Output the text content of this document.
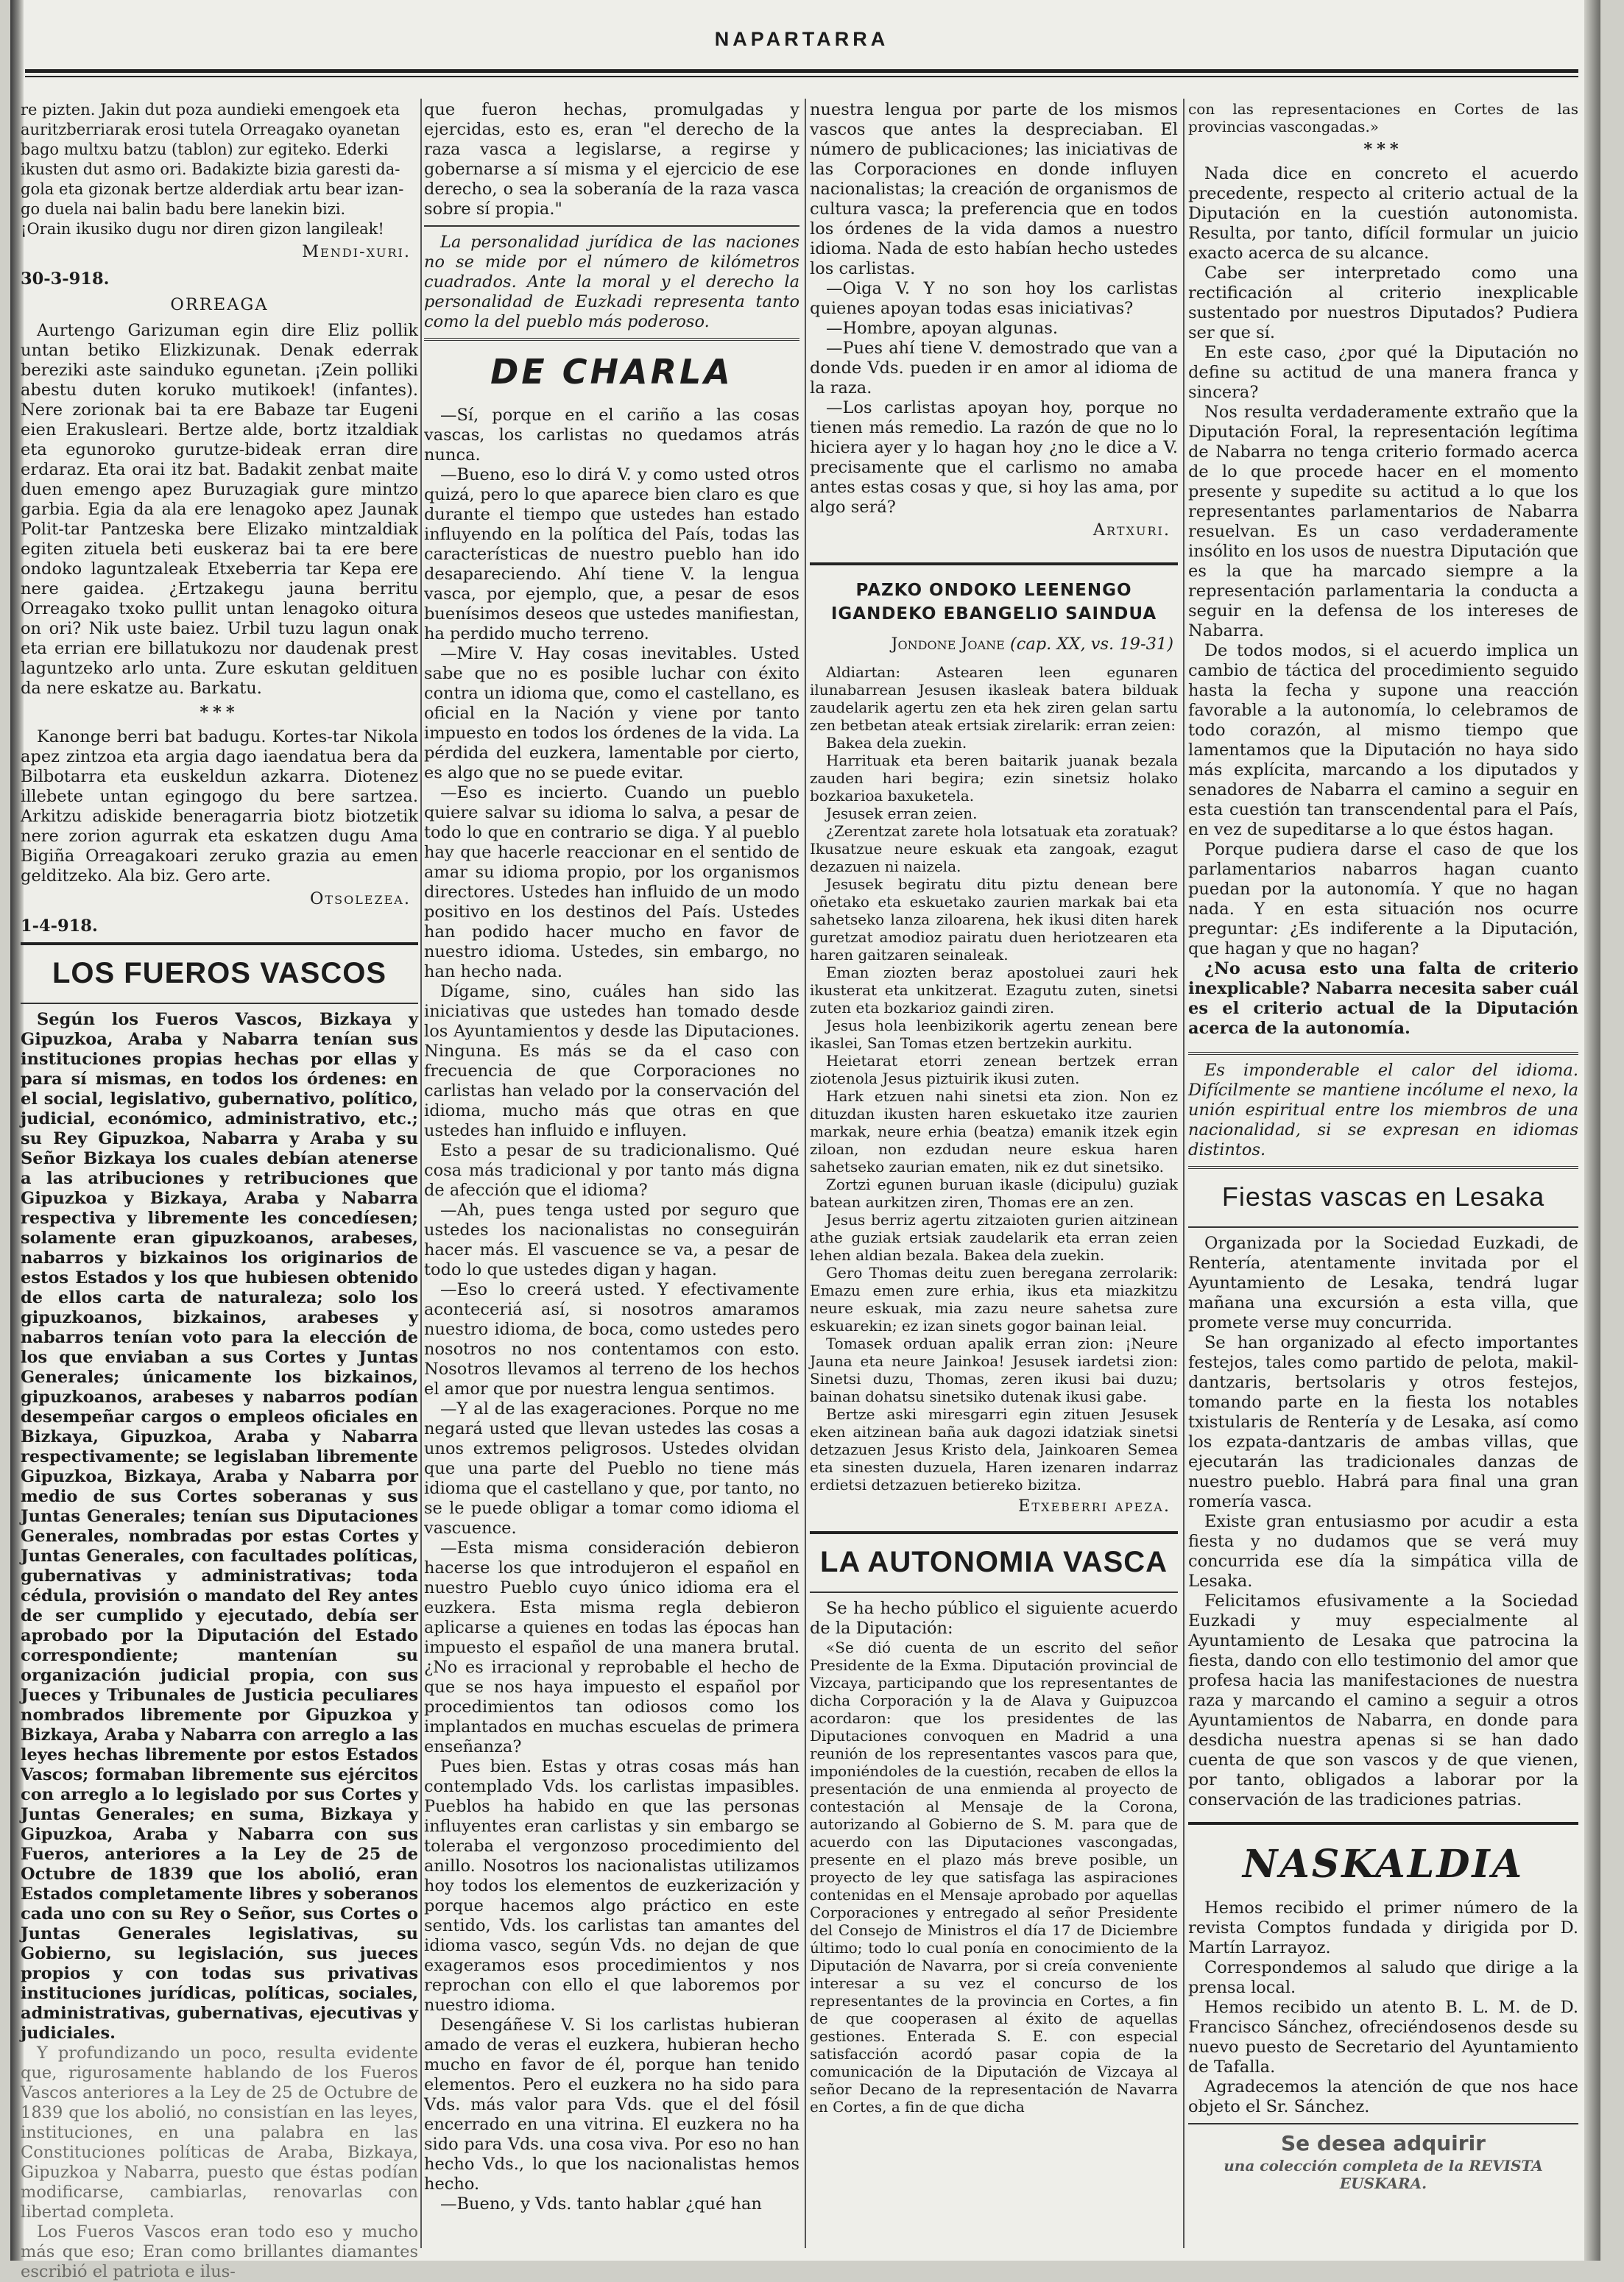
NAPARTARRA
re pizten. Jakin dut poza aundieki emengoek eta
auritzberriarak erosi tutela Orreagako oyanetan
bago multxu batzu (tablon) zur egiteko. Ederki
ikusten dut asmo ori. Badakizte bizia garesti da-
gola eta gizonak bertze alderdiak artu bear izan-
go duela nai balin badu bere lanekin bizi.
¡Orain ikusiko dugu nor diren gizon langileak!
Mendi-xuri.
30-3-918.
ORREAGA

Aurtengo Garizuman egin dire Eliz pollik untan betiko Elizkizunak. Denak ederrak bereziki aste sainduko egunetan. ¡Zein polliki abestu duten koruko mutikoek! (infantes). Nere zorionak bai ta ere Babaze tar Eugeni eien Erakusleari. Bertze alde, bortz itzaldiak eta egunoroko gurutze-bideak erran dire erdaraz. Eta orai itz bat. Badakit zenbat maite duen emengo apez Buruzagiak gure mintzo garbia. Egia da ala ere lenagoko apez Jaunak Polit-tar Pantzeska bere Elizako mintzaldiak egiten zituela beti euskeraz bai ta ere bere ondoko laguntzaleak Etxeberria tar Kepa ere nere gaidea. ¿Ertzakegu jauna berritu Orreagako txoko pullit untan lenagoko oitura on ori? Nik uste baiez. Urbil tuzu lagun onak eta errian ere billatukozu nor daudenak prest laguntzeko arlo unta. Zure eskutan geldituen da nere eskatze au. Barkatu.

***

Kanonge berri bat badugu. Kortes-tar Nikola apez zintzoa eta argia dago iaendatua bera da Bilbotarra eta euskeldun azkarra. Diotenez illebete untan egingogo du bere sartzea. Arkitzu adiskide beneragarria biotz biotzetik nere zorion agurrak eta eskatzen dugu Ama Bigiña Orreagakoari zeruko grazia au emen gelditzeko. Ala biz. Gero arte.

Otsolezea.
1-4-918.
LOS FUEROS VASCOS

Según los Fueros Vascos, Bizkaya y Gipuzkoa, Araba y Nabarra tenían sus instituciones propias hechas por ellas y para sí mismas, en todos los órdenes: en el social, legislativo, gubernativo, político, judicial, económico, administrativo, etc.; su Rey Gipuzkoa, Nabarra y Araba y su Señor Bizkaya los cuales debían atenerse a las atribuciones y retribuciones que Gipuzkoa y Bizkaya, Araba y Nabarra respectiva y libremente les concedíesen; solamente eran gipuzkoanos, arabeses, nabarros y bizkainos los originarios de estos Estados y los que hubiesen obtenido de ellos carta de naturaleza; solo los gipuzkoanos, bizkainos, arabeses y nabarros tenían voto para la elección de los que enviaban a sus Cortes y Juntas Generales; únicamente los bizkainos, gipuzkoanos, arabeses y nabarros podían desempeñar cargos o empleos oficiales en Bizkaya, Gipuzkoa, Araba y Nabarra respectivamente; se legislaban libremente Gipuzkoa, Bizkaya, Araba y Nabarra por medio de sus Cortes soberanas y sus Juntas Generales; tenían sus Diputaciones Generales, nombradas por estas Cortes y Juntas Generales, con facultades políticas, gubernativas y administrativas; toda cédula, provisión o mandato del Rey antes de ser cumplido y ejecutado, debía ser aprobado por la Diputación del Estado correspondiente; mantenían su organización judicial propia, con sus Jueces y Tribunales de Justicia peculiares nombrados libremente por Gipuzkoa y Bizkaya, Araba y Nabarra con arreglo a las leyes hechas libremente por estos Estados Vascos; formaban libremente sus ejércitos con arreglo a lo legislado por sus Cortes y Juntas Generales; en suma, Bizkaya y Gipuzkoa, Araba y Nabarra con sus Fueros, anteriores a la Ley de 25 de Octubre de 1839 que los abolió, eran Estados completamente libres y soberanos cada uno con su Rey o Señor, sus Cortes o Juntas Generales legislativas, su Gobierno, su legislación, sus jueces propios y con todas sus privativas instituciones jurídicas, políticas, sociales, administrativas, gubernativas, ejecutivas y judiciales.

Y profundizando un poco, resulta evidente que, rigurosamente hablando de los Fueros Vascos anteriores a la Ley de 25 de Octubre de 1839 que los abolió, no consistían en las leyes, instituciones, en una palabra en las Constituciones políticas de Araba, Bizkaya, Gipuzkoa y Nabarra, puesto que éstas podían modificarse, cambiarlas, renovarlas con libertad completa.

Los Fueros Vascos eran todo eso y mucho más que eso; Eran como brillantes diamantes escribió el patriota e ilus-

que fueron hechas, promulgadas y ejercidas, esto es, eran "el derecho de la raza vasca a legislarse, a regirse y gobernarse a sí misma y el ejercicio de ese derecho, o sea la soberanía de la raza vasca sobre sí propia."

La personalidad jurídica de las naciones no se mide por el número de kilómetros cuadrados. Ante la moral y el derecho la personalidad de Euzkadi representa tanto como la del pueblo más poderoso.

DE CHARLA

—Sí, porque en el cariño a las cosas vascas, los carlistas no quedamos atrás nunca.

—Bueno, eso lo dirá V. y como usted otros quizá, pero lo que aparece bien claro es que durante el tiempo que ustedes han estado influyendo en la política del País, todas las características de nuestro pueblo han ido desapareciendo. Ahí tiene V. la lengua vasca, por ejemplo, que, a pesar de esos buenísimos deseos que ustedes manifiestan, ha perdido mucho terreno.

—Mire V. Hay cosas inevitables. Usted sabe que no es posible luchar con éxito contra un idioma que, como el castellano, es oficial en la Nación y viene por tanto impuesto en todos los órdenes de la vida. La pérdida del euzkera, lamentable por cierto, es algo que no se puede evitar.

—Eso es incierto. Cuando un pueblo quiere salvar su idioma lo salva, a pesar de todo lo que en contrario se diga. Y al pueblo hay que hacerle reaccionar en el sentido de amar su idioma propio, por los organismos directores. Ustedes han influido de un modo positivo en los destinos del País. Ustedes han podido hacer mucho en favor de nuestro idioma. Ustedes, sin embargo, no han hecho nada.

Dígame, sino, cuáles han sido las iniciativas que ustedes han tomado desde los Ayuntamientos y desde las Diputaciones. Ninguna. Es más se da el caso con frecuencia de que Corporaciones no carlistas han velado por la conservación del idioma, mucho más que otras en que ustedes han influido e influyen.

Esto a pesar de su tradicionalismo. Qué cosa más tradicional y por tanto más digna de afección que el idioma?

—Ah, pues tenga usted por seguro que ustedes los nacionalistas no conseguirán hacer más. El vascuence se va, a pesar de todo lo que ustedes digan y hagan.

—Eso lo creerá usted. Y efectivamente aconteceriá así, si nosotros amaramos nuestro idioma, de boca, como ustedes pero nosotros no nos contentamos con esto. Nosotros llevamos al terreno de los hechos el amor que por nuestra lengua sentimos.

—Y al de las exageraciones. Porque no me negará usted que llevan ustedes las cosas a unos extremos peligrosos. Ustedes olvidan que una parte del Pueblo no tiene más idioma que el castellano y que, por tanto, no se le puede obligar a tomar como idioma el vascuence.

—Esta misma consideración debieron hacerse los que introdujeron el español en nuestro Pueblo cuyo único idioma era el euzkera. Esta misma regla debieron aplicarse a quienes en todas las épocas han impuesto el español de una manera brutal. ¿No es irracional y reprobable el hecho de que se nos haya impuesto el español por procedimientos tan odiosos como los implantados en muchas escuelas de primera enseñanza?

Pues bien. Estas y otras cosas más han contemplado Vds. los carlistas impasibles. Pueblos ha habido en que las personas influyentes eran carlistas y sin embargo se toleraba el vergonzoso procedimiento del anillo. Nosotros los nacionalistas utilizamos hoy todos los elementos de euzkerización y porque hacemos algo práctico en este sentido, Vds. los carlistas tan amantes del idioma vasco, según Vds. no dejan de que exageramos esos procedimientos y nos reprochan con ello el que laboremos por nuestro idioma.

Desengáñese V. Si los carlistas hubieran amado de veras el euzkera, hubieran hecho mucho en favor de él, porque han tenido elementos. Pero el euzkera no ha sido para Vds. más valor para Vds. que el del fósil encerrado en una vitrina. El euzkera no ha sido para Vds. una cosa viva. Por eso no han hecho Vds., lo que los nacionalistas hemos hecho.

—Bueno, y Vds. tanto hablar ¿qué han

nuestra lengua por parte de los mismos vascos que antes la despreciaban. El número de publicaciones; las iniciativas de las Corporaciones en donde influyen nacionalistas; la creación de organismos de cultura vasca; la preferencia que en todos los órdenes de la vida damos a nuestro idioma. Nada de esto habían hecho ustedes los carlistas.

—Oiga V. Y no son hoy los carlistas quienes apoyan todas esas iniciativas?

—Hombre, apoyan algunas.

—Pues ahí tiene V. demostrado que van a donde Vds. pueden ir en amor al idioma de la raza.

—Los carlistas apoyan hoy, porque no tienen más remedio. La razón de que no lo hiciera ayer y lo hagan hoy ¿no le dice a V. precisamente que el carlismo no amaba antes estas cosas y que, si hoy las ama, por algo será?

Artxuri.
PAZKO ONDOKO LEENENGO IGANDEKO EBANGELIO SAINDUA
Jondone Joane (cap. XX, vs. 19-31)

Aldiartan: Astearen leen egunaren ilunabarrean Jesusen ikasleak batera bilduak zaudelarik agertu zen eta hek ziren gelan sartu zen betbetan ateak ertsiak zirelarik: erran zeien:

Bakea dela zuekin.

Harrituak eta beren baitarik juanak bezala zauden hari begira; ezin sinetsiz holako bozkarioa baxuketela.

Jesusek erran zeien.

¿Zerentzat zarete hola lotsatuak eta zoratuak? Ikusatzue neure eskuak eta zangoak, ezagut dezazuen ni naizela.

Jesusek begiratu ditu piztu denean bere oñetako eta eskuetako zaurien markak bai eta sahetseko lanza ziloarena, hek ikusi diten harek guretzat amodioz pairatu duen heriotzearen eta haren gaitzaren seinaleak.

Eman ziozten beraz apostoluei zauri hek ikusterat eta unkitzerat. Ezagutu zuten, sinetsi zuten eta bozkarioz gaindi ziren.

Jesus hola leenbizikorik agertu zenean bere ikaslei, San Tomas etzen bertzekin aurkitu.

Heietarat etorri zenean bertzek erran ziotenola Jesus piztuirik ikusi zuten.

Hark etzuen nahi sinetsi eta zion. Non ez dituzdan ikusten haren eskuetako itze zaurien markak, neure erhia (beatza) emanik itzek egin ziloan, non ezdudan neure eskua haren sahetseko zaurian ematen, nik ez dut sinetsiko.

Zortzi egunen buruan ikasle (dicipulu) guziak batean aurkitzen ziren, Thomas ere an zen.

Jesus berriz agertu zitzaioten gurien aitzinean athe guziak ertsiak zaudelarik eta erran zeien lehen aldian bezala. Bakea dela zuekin.

Gero Thomas deitu zuen beregana zerrolarik: Emazu emen zure erhia, ikus eta miazkitzu neure eskuak, mia zazu neure sahetsa zure eskuarekin; ez izan sinets gogor bainan leial.

Tomasek orduan apalik erran zion: ¡Neure Jauna eta neure Jainkoa! Jesusek iardetsi zion: Sinetsi duzu, Thomas, zeren ikusi bai duzu; bainan dohatsu sinetsiko dutenak ikusi gabe.

Bertze aski miresgarri egin zituen Jesusek eken aitzinean baña auk dagozi idatziak sinetsi detzazuen Jesus Kristo dela, Jainkoaren Semea eta sinesten duzuela, Haren izenaren indarraz erdietsi detzazuen betiereko bizitza.

Etxeberri apeza.
LA AUTONOMIA VASCA

Se ha hecho público el siguiente acuerdo de la Diputación:

«Se dió cuenta de un escrito del señor Presidente de la Exma. Diputación provincial de Vizcaya, participando que los representantes de dicha Corporación y la de Alava y Guipuzcoa acordaron: que los presidentes de las Diputaciones convoquen en Madrid a una reunión de los representantes vascos para que, imponiéndoles de la cuestión, recaben de ellos la presentación de una enmienda al proyecto de contestación al Mensaje de la Corona, autorizando al Gobierno de S. M. para que de acuerdo con las Diputaciones vascongadas, presente en el plazo más breve posible, un proyecto de ley que satisfaga las aspiraciones contenidas en el Mensaje aprobado por aquellas Corporaciones y entregado al señor Presidente del Consejo de Ministros el día 17 de Diciembre último; todo lo cual ponía en conocimiento de la Diputación de Navarra, por si creía conveniente interesar a su vez el concurso de los representantes de la provincia en Cortes, a fin de que cooperasen al éxito de aquellas gestiones. Enterada S. E. con especial satisfacción acordó pasar copia de la comunicación de la Diputación de Vizcaya al señor Decano de la representación de Navarra en Cortes, a fin de que dicha

con las representaciones en Cortes de las provincias vascongadas.»

***

Nada dice en concreto el acuerdo precedente, respecto al criterio actual de la Diputación en la cuestión autonomista. Resulta, por tanto, difícil formular un juicio exacto acerca de su alcance.

Cabe ser interpretado como una rectificación al criterio inexplicable sustentado por nuestros Diputados? Pudiera ser que sí.

En este caso, ¿por qué la Diputación no define su actitud de una manera franca y sincera?

Nos resulta verdaderamente extraño que la Diputación Foral, la representación legítima de Nabarra no tenga criterio formado acerca de lo que procede hacer en el momento presente y supedite su actitud a lo que los representantes parlamentarios de Nabarra resuelvan. Es un caso verdaderamente insólito en los usos de nuestra Diputación que es la que ha marcado siempre a la representación parlamentaria la conducta a seguir en la defensa de los intereses de Nabarra.

De todos modos, si el acuerdo implica un cambio de táctica del procedimiento seguido hasta la fecha y supone una reacción favorable a la autonomía, lo celebramos de todo corazón, al mismo tiempo que lamentamos que la Diputación no haya sido más explícita, marcando a los diputados y senadores de Nabarra el camino a seguir en esta cuestión tan transcendental para el País, en vez de supeditarse a lo que éstos hagan.

Porque pudiera darse el caso de que los parlamentarios nabarros hagan cuanto puedan por la autonomía. Y que no hagan nada. Y en esta situación nos ocurre preguntar: ¿Es indiferente a la Diputación, que hagan y que no hagan?

¿No acusa esto una falta de criterio inexplicable? Nabarra necesita saber cuál es el criterio actual de la Diputación acerca de la autonomía.

Es imponderable el calor del idioma. Difícilmente se mantiene incólume el nexo, la unión espiritual entre los miembros de una nacionalidad, si se expresan en idiomas distintos.

Fiestas vascas en Lesaka

Organizada por la Sociedad Euzkadi, de Rentería, atentamente invitada por el Ayuntamiento de Lesaka, tendrá lugar mañana una excursión a esta villa, que promete verse muy concurrida.

Se han organizado al efecto importantes festejos, tales como partido de pelota, makil-dantzaris, bertsolaris y otros festejos, tomando parte en la fiesta los notables txistularis de Rentería y de Lesaka, así como los ezpata-dantzaris de ambas villas, que ejecutarán las tradicionales danzas de nuestro pueblo. Habrá para final una gran romería vasca.

Existe gran entusiasmo por acudir a esta fiesta y no dudamos que se verá muy concurrida ese día la simpática villa de Lesaka.

Felicitamos efusivamente a la Sociedad Euzkadi y muy especialmente al Ayuntamiento de Lesaka que patrocina la fiesta, dando con ello testimonio del amor que profesa hacia las manifestaciones de nuestra raza y marcando el camino a seguir a otros Ayuntamientos de Nabarra, en donde para desdicha nuestra apenas si se han dado cuenta de que son vascos y de que vienen, por tanto, obligados a laborar por la conservación de las tradiciones patrias.

NASKALDIA

Hemos recibido el primer número de la revista Comptos fundada y dirigida por D. Martín Larrayoz.

Correspondemos al saludo que dirige a la prensa local.

Hemos recibido un atento B. L. M. de D. Francisco Sánchez, ofreciéndosenos desde su nuevo puesto de Secretario del Ayuntamiento de Tafalla.

Agradecemos la atención de que nos hace objeto el Sr. Sánchez.

Se desea adquirir
una colección completa de la REVISTA EUSKARA.
